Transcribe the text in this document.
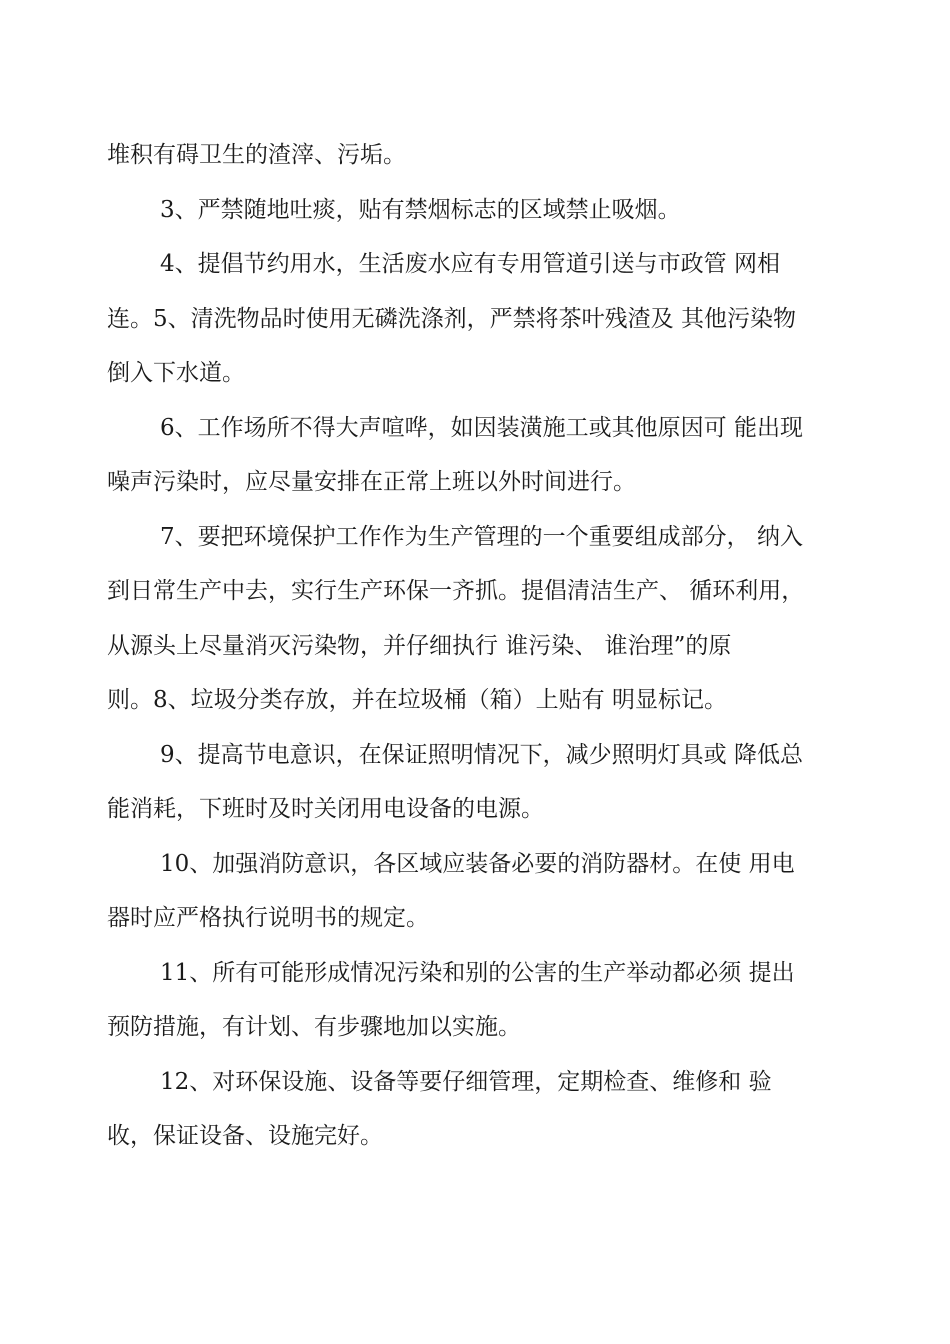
堆积有碍卫生的渣滓、污垢。
3、严禁随地吐痰，贴有禁烟标志的区域禁止吸烟。
4、提倡节约用水，生活废水应有专用管道引送与市政管 网相
连。5、清洗物品时使用无磷洗涤剂，严禁将茶叶残渣及 其他污染物
倒入下水道。
6、工作场所不得大声喧哗，如因装潢施工或其他原因可 能出现
噪声污染时，应尽量安排在正常上班以外时间进行。
7、要把环境保护工作作为生产管理的一个重要组成部分， 纳入
到日常生产中去，实行生产环保一齐抓。提倡清洁生产、 循环利用，
从源头上尽量消灭污染物，并仔细执行 谁污染、 谁治理”的原
则。8、垃圾分类存放，并在垃圾桶（箱）上贴有 明显标记。
9、提高节电意识，在保证照明情况下，减少照明灯具或 降低总
能消耗，下班时及时关闭用电设备的电源。
10、加强消防意识，各区域应装备必要的消防器材。在使 用电
器时应严格执行说明书的规定。
11、所有可能形成情况污染和别的公害的生产举动都必须 提出
预防措施，有计划、有步骤地加以实施。
12、对环保设施、设备等要仔细管理，定期检查、维修和 验
收，保证设备、设施完好。
